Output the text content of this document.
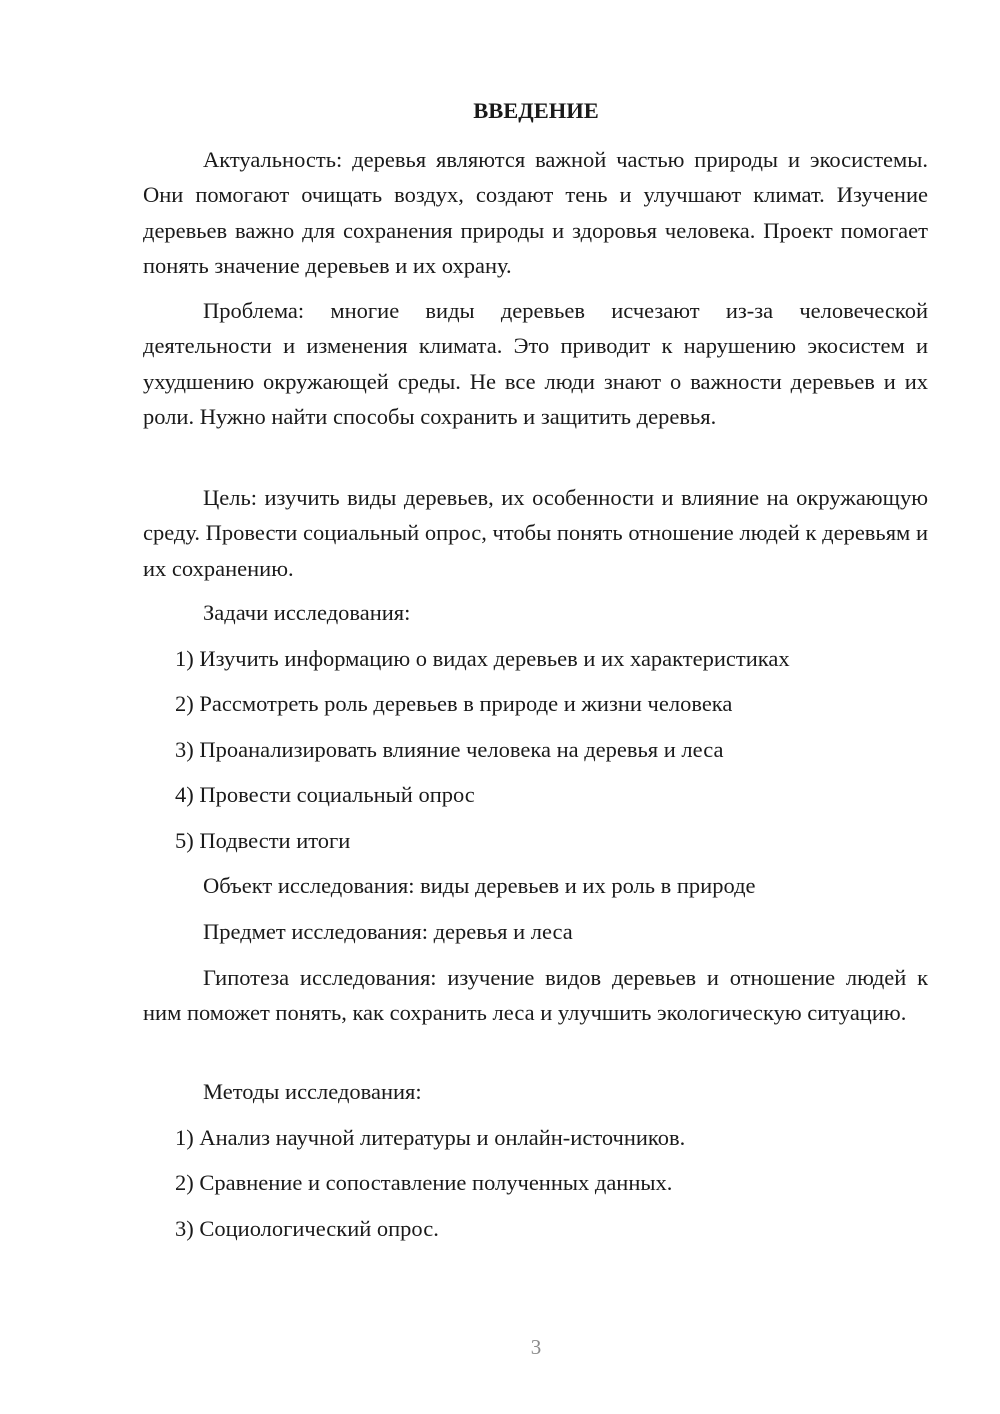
ВВЕДЕНИЕ

Актуальность: деревья являются важной частью природы и экосистемы. Они помогают очищать воздух, создают тень и улучшают климат. Изучение деревьев важно для сохранения природы и здоровья человека. Проект помогает понять значение деревьев и их охрану.

Проблема: многие виды деревьев исчезают из-за человеческой деятельности и изменения климата. Это приводит к нарушению экосистем и ухудшению окружающей среды. Не все люди знают о важности деревьев и их роли. Нужно найти способы сохранить и защитить деревья.

Цель: изучить виды деревьев, их особенности и влияние на окружающую среду. Провести социальный опрос, чтобы понять отношение людей к деревьям и их сохранению.

Задачи исследования:

1) Изучить информацию о видах деревьев и их характеристиках

2) Рассмотреть роль деревьев в природе и жизни человека

3) Проанализировать влияние человека на деревья и леса

4) Провести социальный опрос

5) Подвести итоги

Объект исследования: виды деревьев и их роль в природе

Предмет исследования: деревья и леса

Гипотеза исследования: изучение видов деревьев и отношение людей к ним поможет понять, как сохранить леса и улучшить экологическую ситуацию.

Методы исследования:

1) Анализ научной литературы и онлайн-источников.

2) Сравнение и сопоставление полученных данных.

3) Социологический опрос.

3
